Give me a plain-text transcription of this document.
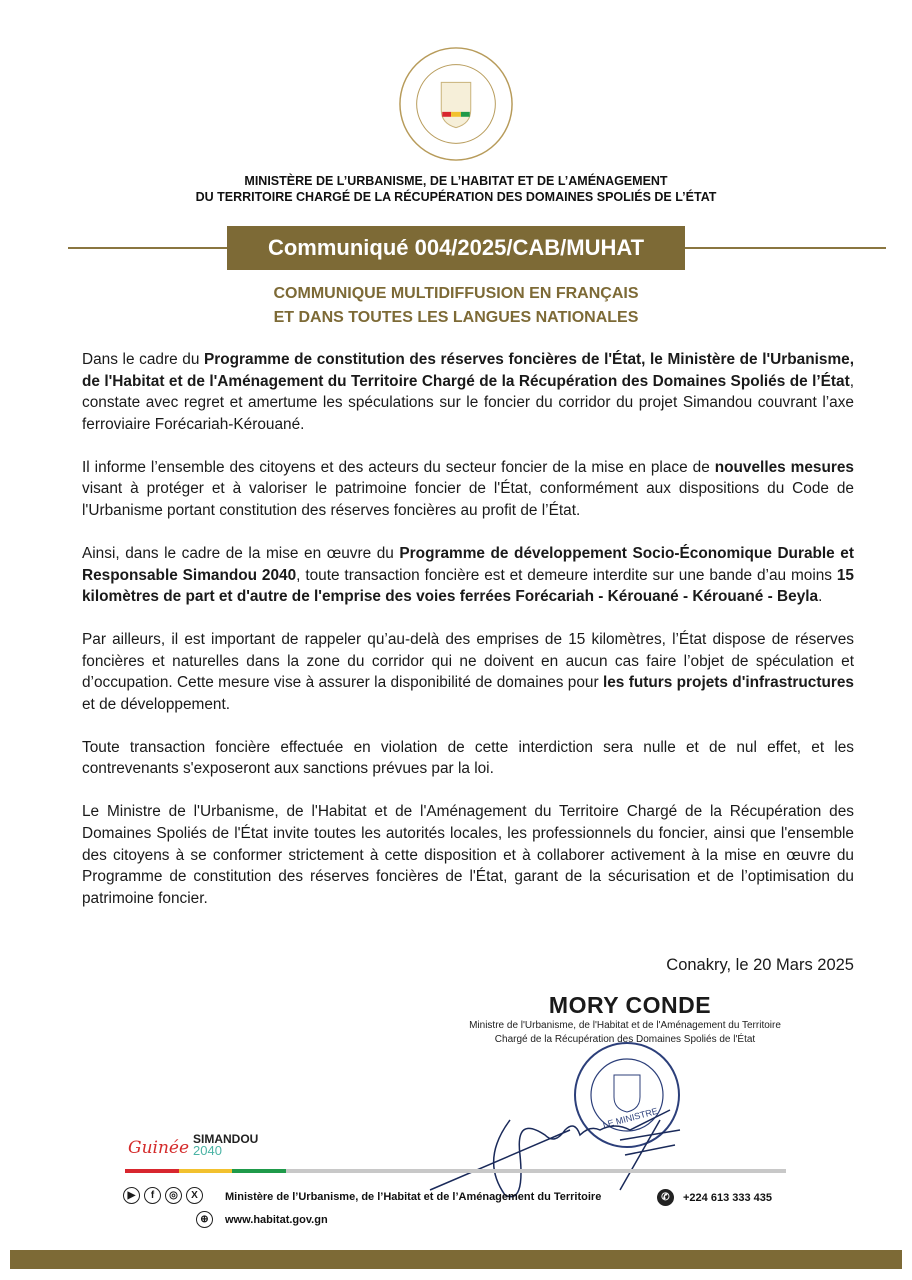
MINISTÈRE DE L’URBANISME, DE L’HABITAT ET DE L’AMÉNAGEMENT
DU TERRITOIRE CHARGÉ DE LA RÉCUPÉRATION DES DOMAINES SPOLIÉS DE L’ÉTAT
Communiqué 004/2025/CAB/MUHAT
COMMUNIQUE MULTIDIFFUSION EN FRANÇAIS
ET DANS TOUTES LES LANGUES NATIONALES

Dans le cadre du Programme de constitution des réserves foncières de l'État, le Ministère de l'Urbanisme, de l'Habitat et de l'Aménagement du Territoire Chargé de la Récupération des Domaines Spoliés de l’État, constate avec regret et amertume les spéculations sur le foncier du corridor du projet Simandou couvrant l’axe ferroviaire Forécariah-Kérouané.

Il informe l’ensemble des citoyens et des acteurs du secteur foncier de la mise en place de nouvelles mesures visant à protéger et à valoriser le patrimoine foncier de l'État, conformément aux dispositions du Code de l'Urbanisme portant constitution des réserves foncières au profit de l’État.

Ainsi, dans le cadre de la mise en œuvre du Programme de développement Socio-Économique Durable et Responsable Simandou 2040, toute transaction foncière est et demeure interdite sur une bande d’au moins 15 kilomètres de part et d'autre de l'emprise des voies ferrées Forécariah - Kérouané - Kérouané - Beyla.

Par ailleurs, il est important de rappeler qu’au-delà des emprises de 15 kilomètres, l’État dispose de réserves foncières et naturelles dans la zone du corridor qui ne doivent en aucun cas faire l’objet de spéculation et d’occupation. Cette mesure vise à assurer la disponibilité de domaines pour les futurs projets d'infrastructures et de développement.

Toute transaction foncière effectuée en violation de cette interdiction sera nulle et de nul effet, et les contrevenants s'exposeront aux sanctions prévues par la loi.

Le Ministre de l'Urbanisme, de l'Habitat et de l'Aménagement du Territoire Chargé de la Récupération des Domaines Spoliés de l'État invite toutes les autorités locales, les professionnels du foncier, ainsi que l'ensemble des citoyens à se conformer strictement à cette disposition et à collaborer activement à la mise en œuvre du Programme de constitution des réserves foncières de l'État, garant de la sécurisation et de l’optimisation du patrimoine foncier.

Conakry, le 20 Mars 2025
MORY CONDE
Ministre de l'Urbanisme, de l'Habitat et de l'Aménagement du Territoire
Chargé de la Récupération des Domaines Spoliés de l'État
LE MINISTRE
Guinée SIMANDOU
2040
▶	f	◎	X	Ministère de l’Urbanisme, de l’Habitat et de l’Aménagement du Territoire
⊕	www.habitat.gov.gn
✆	+224 613 333 435
